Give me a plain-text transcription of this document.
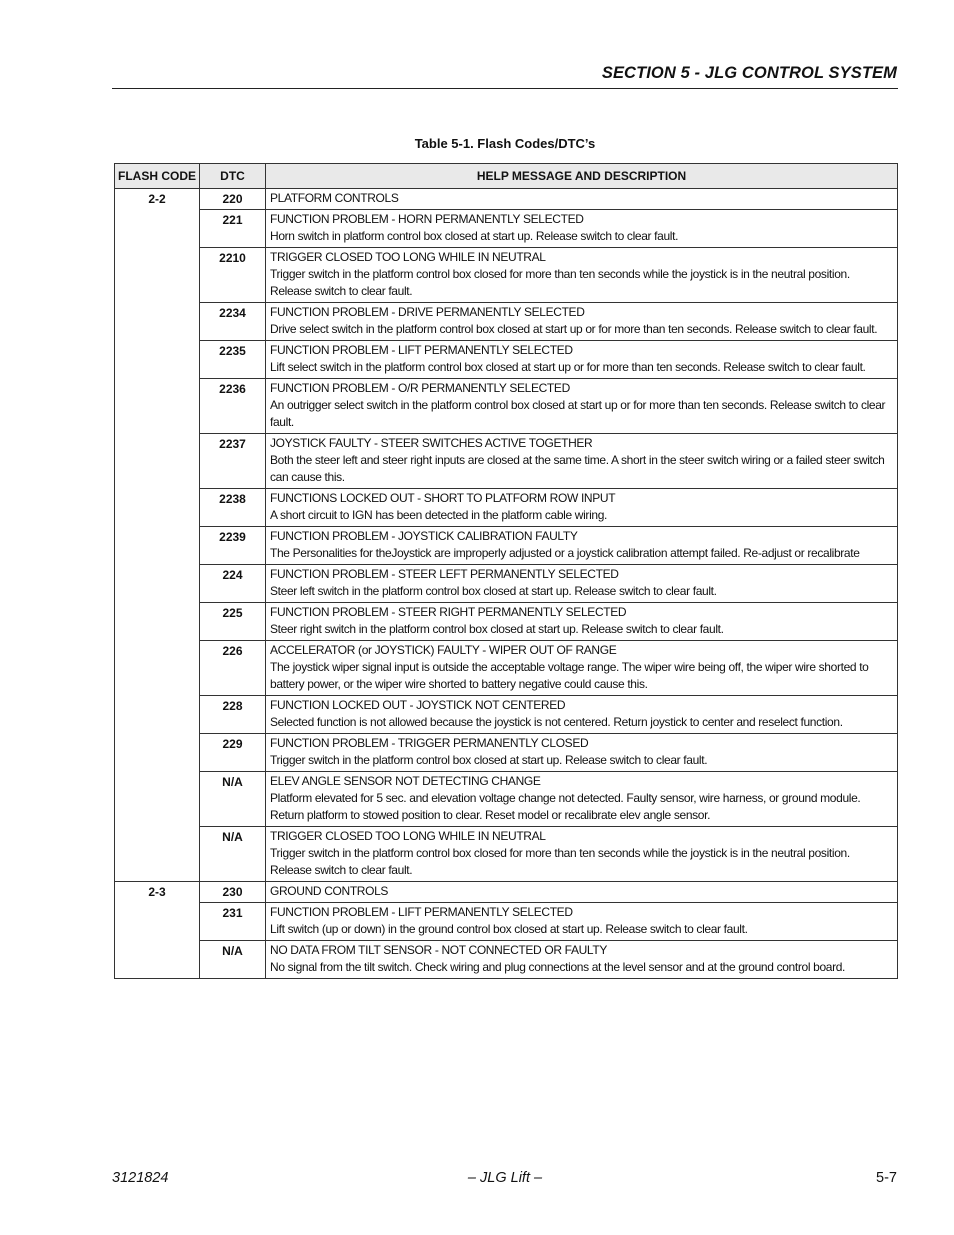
SECTION 5 - JLG CONTROL SYSTEM
Table 5-1. Flash Codes/DTC’s
FLASH CODE	DTC	HELP MESSAGE AND DESCRIPTION
2-2	220	PLATFORM CONTROLS

	221	FUNCTION PROBLEM - HORN PERMANENTLY SELECTED
Horn switch in platform control box closed at start up. Release switch to clear fault.

	2210	TRIGGER CLOSED TOO LONG WHILE IN NEUTRAL
Trigger switch in the platform control box closed for more than ten seconds while the joystick is in the neutral position. Release switch to clear fault.

	2234	FUNCTION PROBLEM - DRIVE PERMANENTLY SELECTED
Drive select switch in the platform control box closed at start up or for more than ten seconds. Release switch to clear fault.

	2235	FUNCTION PROBLEM - LIFT PERMANENTLY SELECTED
Lift select switch in the platform control box closed at start up or for more than ten seconds. Release switch to clear fault.

	2236	FUNCTION PROBLEM - O/R PERMANENTLY SELECTED
An outrigger select switch in the platform control box closed at start up or for more than ten seconds. Release switch to clear fault.

	2237	JOYSTICK FAULTY - STEER SWITCHES ACTIVE TOGETHER
Both the steer left and steer right inputs are closed at the same time. A short in the steer switch wiring or a failed steer switch can cause this.

	2238	FUNCTIONS LOCKED OUT - SHORT TO PLATFORM ROW INPUT
A short circuit to IGN has been detected in the platform cable wiring.

	2239	FUNCTION PROBLEM - JOYSTICK CALIBRATION FAULTY
The Personalities for theJoystick are improperly adjusted or a joystick calibration attempt failed. Re-adjust or recalibrate

	224	FUNCTION PROBLEM - STEER LEFT PERMANENTLY SELECTED
Steer left switch in the platform control box closed at start up. Release switch to clear fault.

	225	FUNCTION PROBLEM - STEER RIGHT PERMANENTLY SELECTED
Steer right switch in the platform control box closed at start up. Release switch to clear fault.

	226	ACCELERATOR (or JOYSTICK) FAULTY - WIPER OUT OF RANGE
The joystick wiper signal input is outside the acceptable voltage range. The wiper wire being off, the wiper wire shorted to battery power, or the wiper wire shorted to battery negative could cause this.

	228	FUNCTION LOCKED OUT - JOYSTICK NOT CENTERED
Selected function is not allowed because the joystick is not centered. Return joystick to center and reselect function.

	229	FUNCTION PROBLEM - TRIGGER PERMANENTLY CLOSED
Trigger switch in the platform control box closed at start up. Release switch to clear fault.

	N/A	ELEV ANGLE SENSOR NOT DETECTING CHANGE
Platform elevated for 5 sec. and elevation voltage change not detected. Faulty sensor, wire harness, or ground module. Return platform to stowed position to clear. Reset model or recalibrate elev angle sensor.

	N/A	TRIGGER CLOSED TOO LONG WHILE IN NEUTRAL
Trigger switch in the platform control box closed for more than ten seconds while the joystick is in the neutral position. Release switch to clear fault.

2-3	230	GROUND CONTROLS

	231	FUNCTION PROBLEM - LIFT PERMANENTLY SELECTED
Lift switch (up or down) in the ground control box closed at start up. Release switch to clear fault.

	N/A	NO DATA FROM TILT SENSOR - NOT CONNECTED OR FAULTY
No signal from the tilt switch. Check wiring and plug connections at the level sensor and at the ground control board.
3121824	– JLG Lift –	5-7
